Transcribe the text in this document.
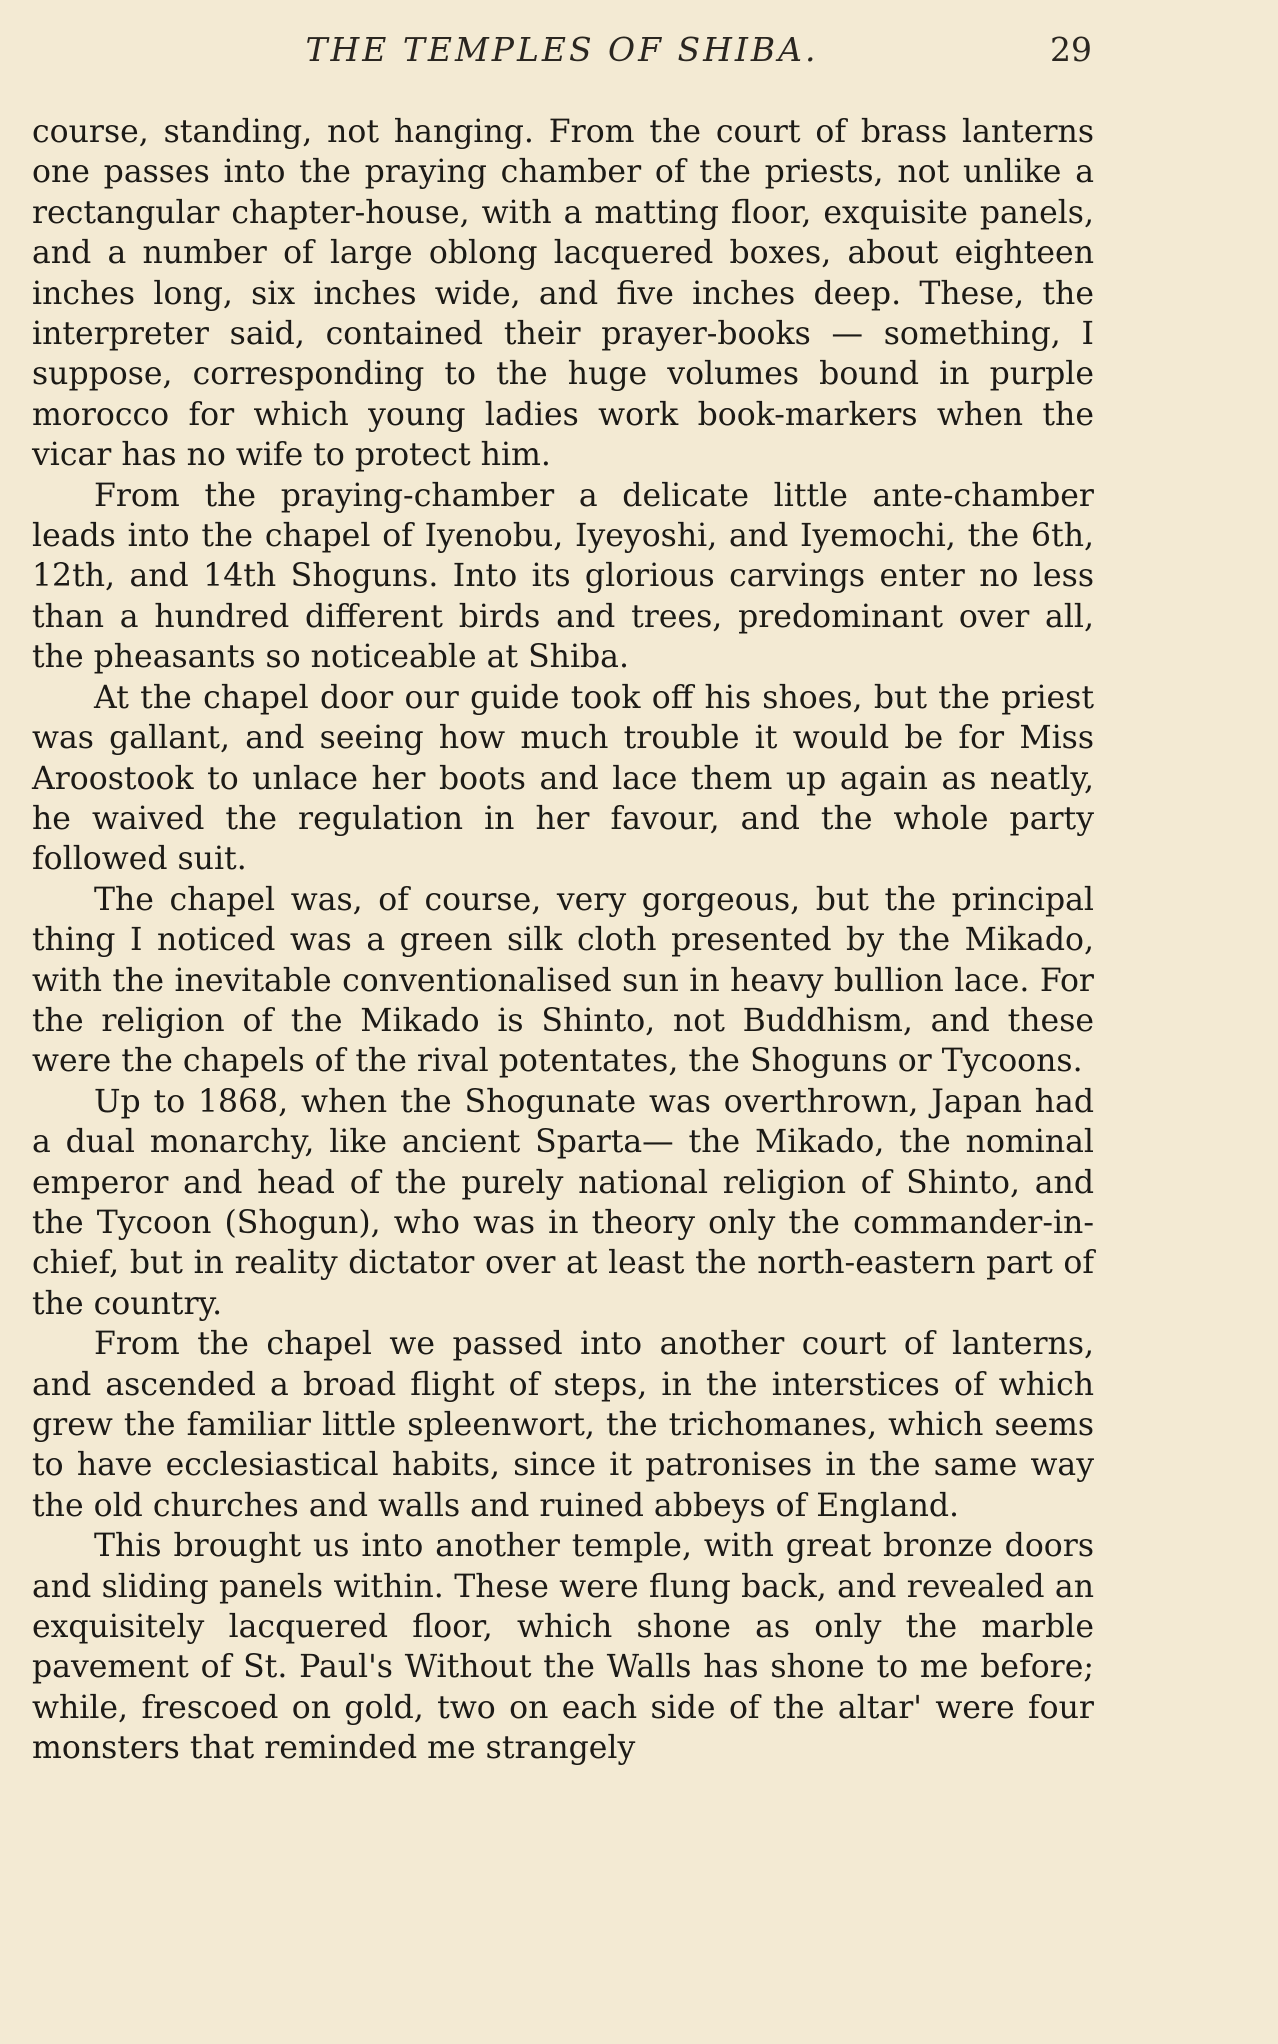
THE TEMPLES OF SHIBA.	29

course, standing, not hanging. From the court of brass lanterns one passes into the praying chamber of the priests, not unlike a rectangular chapter-house, with a matting floor, exquisite panels, and a number of large oblong lacquered boxes, about eighteen inches long, six inches wide, and five inches deep. These, the interpreter said, contained their prayer-books — something, I suppose, corresponding to the huge volumes bound in purple morocco for which young ladies work book-markers when the vicar has no wife to protect him.

From the praying-chamber a delicate little ante-chamber leads into the chapel of Iyenobu, Iyeyoshi, and Iyemochi, the 6th, 12th, and 14th Shoguns. Into its glorious carvings enter no less than a hundred different birds and trees, predominant over all, the pheasants so noticeable at Shiba.

At the chapel door our guide took off his shoes, but the priest was gallant, and seeing how much trouble it would be for Miss Aroostook to unlace her boots and lace them up again as neatly, he waived the regulation in her favour, and the whole party followed suit.

The chapel was, of course, very gorgeous, but the principal thing I noticed was a green silk cloth presented by the Mikado, with the inevitable conventionalised sun in heavy bullion lace. For the religion of the Mikado is Shinto, not Buddhism, and these were the chapels of the rival potentates, the Shoguns or Tycoons.

Up to 1868, when the Shogunate was overthrown, Japan had a dual monarchy, like ancient Sparta— the Mikado, the nominal emperor and head of the purely national religion of Shinto, and the Tycoon (Shogun), who was in theory only the commander-in-chief, but in reality dictator over at least the north-eastern part of the country.

From the chapel we passed into another court of lanterns, and ascended a broad flight of steps, in the interstices of which grew the familiar little spleenwort, the trichomanes, which seems to have ecclesiastical habits, since it patronises in the same way the old churches and walls and ruined abbeys of England.

This brought us into another temple, with great bronze doors and sliding panels within. These were flung back, and revealed an exquisitely lacquered floor, which shone as only the marble pavement of St. Paul's Without the Walls has shone to me before; while, frescoed on gold, two on each side of the altar' were four monsters that reminded me strangely
